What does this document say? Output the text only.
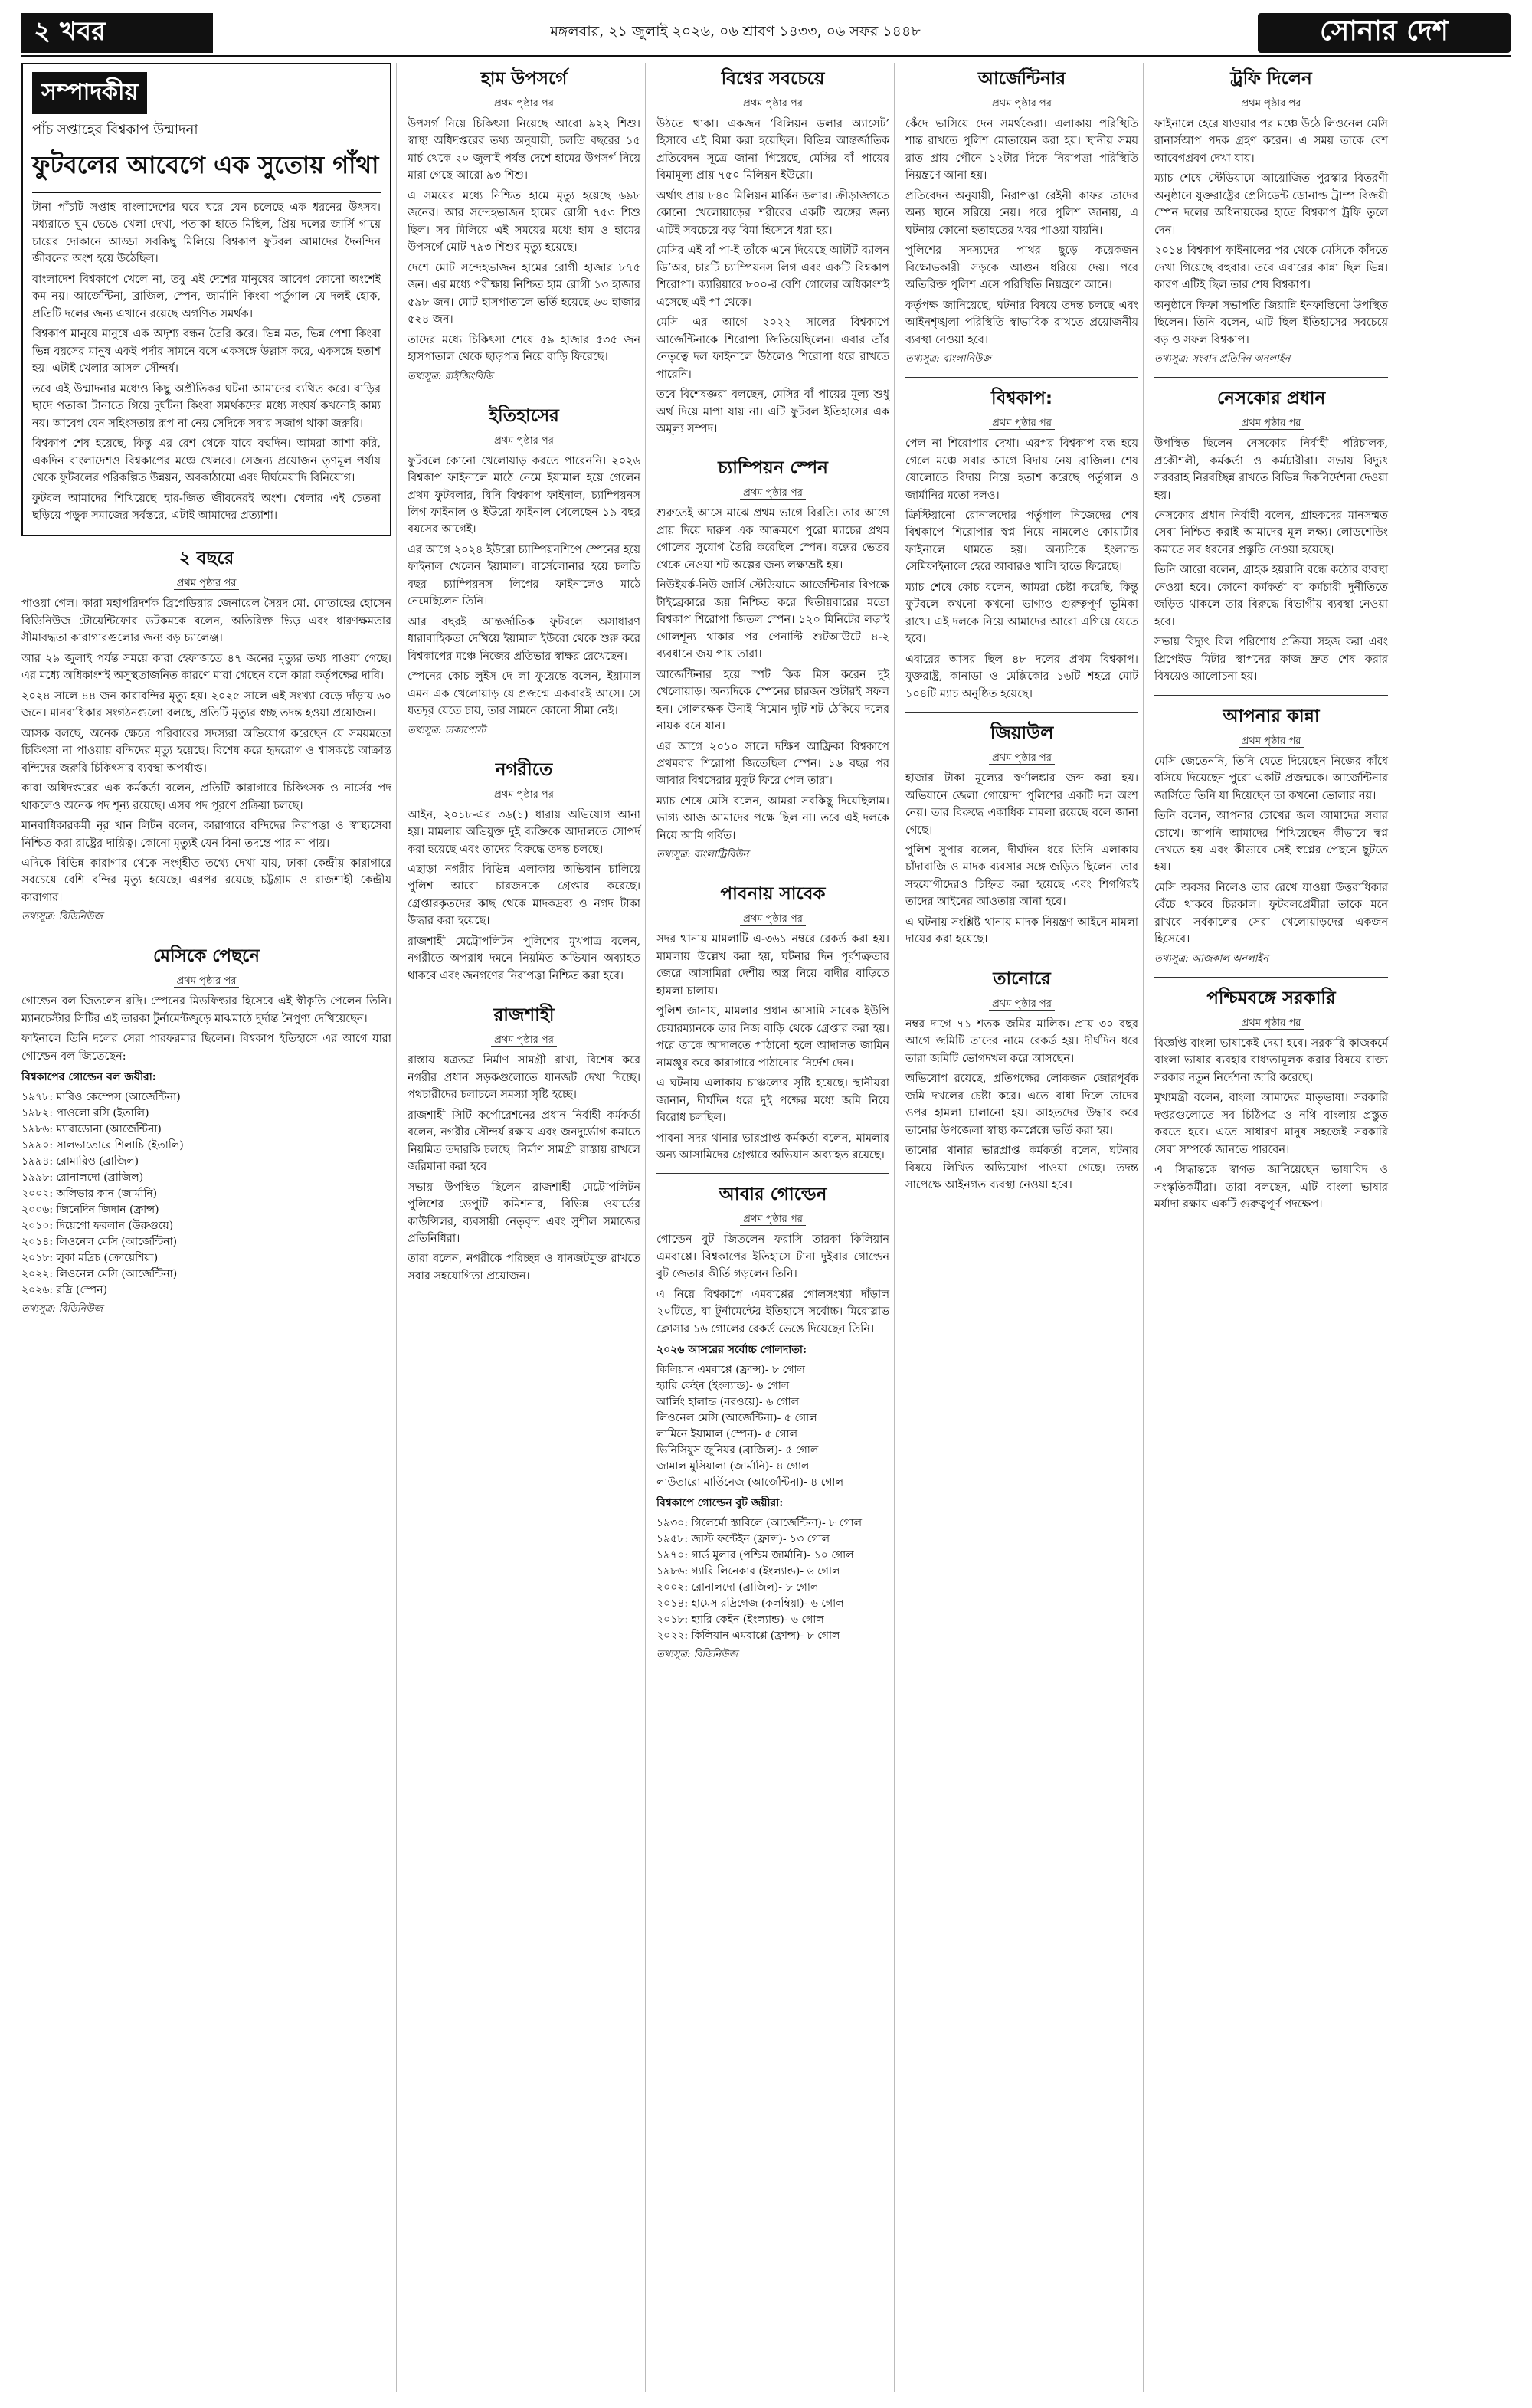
২ খবর	মঙ্গলবার, ২১ জুলাই ২০২৬, ০৬ শ্রাবণ ১৪৩৩, ০৬ সফর ১৪৪৮	সোনার দেশ
সম্পাদকীয়
পাঁচ সপ্তাহের বিশ্বকাপ উন্মাদনা
ফুটবলের আবেগে এক সুতোয় গাঁথা

টানা পাঁচটি সপ্তাহ বাংলাদেশের ঘরে ঘরে যেন চলেছে এক ধরনের উৎসব। মধ্যরাতে ঘুম ভেঙে খেলা দেখা, পতাকা হাতে মিছিল, প্রিয় দলের জার্সি গায়ে চায়ের দোকানে আড্ডা সবকিছু মিলিয়ে বিশ্বকাপ ফুটবল আমাদের দৈনন্দিন জীবনের অংশ হয়ে উঠেছিল।

বাংলাদেশ বিশ্বকাপে খেলে না, তবু এই দেশের মানুষের আবেগ কোনো অংশেই কম নয়। আর্জেন্টিনা, ব্রাজিল, স্পেন, জার্মানি কিংবা পর্তুগাল যে দলই হোক, প্রতিটি দলের জন্য এখানে রয়েছে অগণিত সমর্থক।

বিশ্বকাপ মানুষে মানুষে এক অদৃশ্য বন্ধন তৈরি করে। ভিন্ন মত, ভিন্ন পেশা কিংবা ভিন্ন বয়সের মানুষ একই পর্দার সামনে বসে একসঙ্গে উল্লাস করে, একসঙ্গে হতাশ হয়। এটাই খেলার আসল সৌন্দর্য।

তবে এই উন্মাদনার মধ্যেও কিছু অপ্রীতিকর ঘটনা আমাদের ব্যথিত করে। বাড়ির ছাদে পতাকা টানাতে গিয়ে দুর্ঘটনা কিংবা সমর্থকদের মধ্যে সংঘর্ষ কখনোই কাম্য নয়। আবেগ যেন সহিংসতায় রূপ না নেয় সেদিকে সবার সজাগ থাকা জরুরি।

বিশ্বকাপ শেষ হয়েছে, কিন্তু এর রেশ থেকে যাবে বহুদিন। আমরা আশা করি, একদিন বাংলাদেশও বিশ্বকাপের মঞ্চে খেলবে। সেজন্য প্রয়োজন তৃণমূল পর্যায় থেকে ফুটবলের পরিকল্পিত উন্নয়ন, অবকাঠামো এবং দীর্ঘমেয়াদি বিনিয়োগ।

ফুটবল আমাদের শিখিয়েছে হার-জিত জীবনেরই অংশ। খেলার এই চেতনা ছড়িয়ে পড়ুক সমাজের সর্বস্তরে, এটাই আমাদের প্রত্যাশা।

২ বছরে
প্রথম পৃষ্ঠার পর

পাওয়া গেল। কারা মহাপরিদর্শক ব্রিগেডিয়ার জেনারেল সৈয়দ মো. মোতাহের হোসেন বিডিনিউজ টোয়েন্টিফোর ডটকমকে বলেন, অতিরিক্ত ভিড় এবং ধারণক্ষমতার সীমাবদ্ধতা কারাগারগুলোর জন্য বড় চ্যালেঞ্জ।

আর ২৯ জুলাই পর্যন্ত সময়ে কারা হেফাজতে ৪৭ জনের মৃত্যুর তথ্য পাওয়া গেছে। এর মধ্যে অধিকাংশই অসুস্থতাজনিত কারণে মারা গেছেন বলে কারা কর্তৃপক্ষের দাবি।

২০২৪ সালে ৪৪ জন কারাবন্দির মৃত্যু হয়। ২০২৫ সালে এই সংখ্যা বেড়ে দাঁড়ায় ৬০ জনে। মানবাধিকার সংগঠনগুলো বলছে, প্রতিটি মৃত্যুর স্বচ্ছ তদন্ত হওয়া প্রয়োজন।

আসক বলছে, অনেক ক্ষেত্রে পরিবারের সদস্যরা অভিযোগ করেছেন যে সময়মতো চিকিৎসা না পাওয়ায় বন্দিদের মৃত্যু হয়েছে। বিশেষ করে হৃদরোগ ও শ্বাসকষ্টে আক্রান্ত বন্দিদের জরুরি চিকিৎসার ব্যবস্থা অপর্যাপ্ত।

কারা অধিদপ্তরের এক কর্মকর্তা বলেন, প্রতিটি কারাগারে চিকিৎসক ও নার্সের পদ থাকলেও অনেক পদ শূন্য রয়েছে। এসব পদ পূরণে প্রক্রিয়া চলছে।

মানবাধিকারকর্মী নূর খান লিটন বলেন, কারাগারে বন্দিদের নিরাপত্তা ও স্বাস্থ্যসেবা নিশ্চিত করা রাষ্ট্রের দায়িত্ব। কোনো মৃত্যুই যেন বিনা তদন্তে পার না পায়।

এদিকে বিভিন্ন কারাগার থেকে সংগৃহীত তথ্যে দেখা যায়, ঢাকা কেন্দ্রীয় কারাগারে সবচেয়ে বেশি বন্দির মৃত্যু হয়েছে। এরপর রয়েছে চট্টগ্রাম ও রাজশাহী কেন্দ্রীয় কারাগার।

তথ্যসূত্র: বিডিনিউজ
মেসিকে পেছনে
প্রথম পৃষ্ঠার পর

গোল্ডেন বল জিতলেন রদ্রি। স্পেনের মিডফিল্ডার হিসেবে এই স্বীকৃতি পেলেন তিনি। ম্যানচেস্টার সিটির এই তারকা টুর্নামেন্টজুড়ে মাঝমাঠে দুর্দান্ত নৈপুণ্য দেখিয়েছেন।

ফাইনালে তিনি দলের সেরা পারফরমার ছিলেন। বিশ্বকাপ ইতিহাসে এর আগে যারা গোল্ডেন বল জিতেছেন:

বিশ্বকাপের গোল্ডেন বল জয়ীরা:
১৯৭৮: মারিও কেম্পেস (আর্জেন্টিনা)
১৯৮২: পাওলো রসি (ইতালি)
১৯৮৬: ম্যারাডোনা (আর্জেন্টিনা)
১৯৯০: সালভাতোরে শিলাচি (ইতালি)
১৯৯৪: রোমারিও (ব্রাজিল)
১৯৯৮: রোনালদো (ব্রাজিল)
২০০২: অলিভার কান (জার্মানি)
২০০৬: জিনেদিন জিদান (ফ্রান্স)
২০১০: দিয়েগো ফরলান (উরুগুয়ে)
২০১৪: লিওনেল মেসি (আর্জেন্টিনা)
২০১৮: লুকা মদ্রিচ (ক্রোয়েশিয়া)
২০২২: লিওনেল মেসি (আর্জেন্টিনা)
২০২৬: রদ্রি (স্পেন)
তথ্যসূত্র: বিডিনিউজ
হাম উপসর্গে
প্রথম পৃষ্ঠার পর

উপসর্গ নিয়ে চিকিৎসা নিয়েছে আরো ৯২২ শিশু। স্বাস্থ্য অধিদপ্তরের তথ্য অনুযায়ী, চলতি বছরের ১৫ মার্চ থেকে ২০ জুলাই পর্যন্ত দেশে হামের উপসর্গ নিয়ে মারা গেছে আরো ৯৩ শিশু।

এ সময়ের মধ্যে নিশ্চিত হামে মৃত্যু হয়েছে ৬৯৮ জনের। আর সন্দেহভাজন হামের রোগী ৭৫৩ শিশু ছিল। সব মিলিয়ে এই সময়ের মধ্যে হাম ও হামের উপসর্গে মোট ৭৯৩ শিশুর মৃত্যু হয়েছে।

দেশে মোট সন্দেহভাজন হামের রোগী হাজার ৮৭৫ জন। এর মধ্যে পরীক্ষায় নিশ্চিত হাম রোগী ১৩ হাজার ৫৯৮ জন। মোট হাসপাতালে ভর্তি হয়েছে ৬৩ হাজার ৫২৪ জন।

তাদের মধ্যে চিকিৎসা শেষে ৫৯ হাজার ৫৩৫ জন হাসপাতাল থেকে ছাড়পত্র নিয়ে বাড়ি ফিরেছে।

তথ্যসূত্র: রাইজিংবিডি
ইতিহাসের
প্রথম পৃষ্ঠার পর

ফুটবলে কোনো খেলোয়াড় করতে পারেননি। ২০২৬ বিশ্বকাপ ফাইনালে মাঠে নেমে ইয়ামাল হয়ে গেলেন প্রথম ফুটবলার, যিনি বিশ্বকাপ ফাইনাল, চ্যাম্পিয়নস লিগ ফাইনাল ও ইউরো ফাইনাল খেলেছেন ১৯ বছর বয়সের আগেই।

এর আগে ২০২৪ ইউরো চ্যাম্পিয়নশিপে স্পেনের হয়ে ফাইনাল খেলেন ইয়ামাল। বার্সেলোনার হয়ে চলতি বছর চ্যাম্পিয়নস লিগের ফাইনালেও মাঠে নেমেছিলেন তিনি।

আর বছরই আন্তর্জাতিক ফুটবলে অসাধারণ ধারাবাহিকতা দেখিয়ে ইয়ামাল ইউরো থেকে শুরু করে বিশ্বকাপের মঞ্চে নিজের প্রতিভার স্বাক্ষর রেখেছেন।

স্পেনের কোচ লুইস দে লা ফুয়েন্তে বলেন, ইয়ামাল এমন এক খেলোয়াড় যে প্রজন্মে একবারই আসে। সে যতদূর যেতে চায়, তার সামনে কোনো সীমা নেই।

তথ্যসূত্র: ঢাকাপোস্ট
নগরীতে
প্রথম পৃষ্ঠার পর

আইন, ২০১৮-এর ৩৬(১) ধারায় অভিযোগ আনা হয়। মামলায় অভিযুক্ত দুই ব্যক্তিকে আদালতে সোপর্দ করা হয়েছে এবং তাদের বিরুদ্ধে তদন্ত চলছে।

এছাড়া নগরীর বিভিন্ন এলাকায় অভিযান চালিয়ে পুলিশ আরো চারজনকে গ্রেপ্তার করেছে। গ্রেপ্তারকৃতদের কাছ থেকে মাদকদ্রব্য ও নগদ টাকা উদ্ধার করা হয়েছে।

রাজশাহী মেট্রোপলিটন পুলিশের মুখপাত্র বলেন, নগরীতে অপরাধ দমনে নিয়মিত অভিযান অব্যাহত থাকবে এবং জনগণের নিরাপত্তা নিশ্চিত করা হবে।

রাজশাহী
প্রথম পৃষ্ঠার পর

রাস্তায় যত্রতত্র নির্মাণ সামগ্রী রাখা, বিশেষ করে নগরীর প্রধান সড়কগুলোতে যানজট দেখা দিচ্ছে। পথচারীদের চলাচলে সমস্যা সৃষ্টি হচ্ছে।

রাজশাহী সিটি কর্পোরেশনের প্রধান নির্বাহী কর্মকর্তা বলেন, নগরীর সৌন্দর্য রক্ষায় এবং জনদুর্ভোগ কমাতে নিয়মিত তদারকি চলছে। নির্মাণ সামগ্রী রাস্তায় রাখলে জরিমানা করা হবে।

সভায় উপস্থিত ছিলেন রাজশাহী মেট্রোপলিটন পুলিশের ডেপুটি কমিশনার, বিভিন্ন ওয়ার্ডের কাউন্সিলর, ব্যবসায়ী নেতৃবৃন্দ এবং সুশীল সমাজের প্রতিনিধিরা।

তারা বলেন, নগরীকে পরিচ্ছন্ন ও যানজটমুক্ত রাখতে সবার সহযোগিতা প্রয়োজন।

বিশ্বের সবচেয়ে
প্রথম পৃষ্ঠার পর

উঠতে থাকা। একজন ‘বিলিয়ন ডলার অ্যাসেট’ হিসাবে এই বিমা করা হয়েছিল। বিভিন্ন আন্তর্জাতিক প্রতিবেদন সূত্রে জানা গিয়েছে, মেসির বাঁ পায়ের বিমামূল্য প্রায় ৭৫০ মিলিয়ন ইউরো।

অর্থাৎ প্রায় ৮৪০ মিলিয়ন মার্কিন ডলার। ক্রীড়াজগতে কোনো খেলোয়াড়ের শরীরের একটি অঙ্গের জন্য এটিই সবচেয়ে বড় বিমা হিসেবে ধরা হয়।

মেসির এই বাঁ পা-ই তাঁকে এনে দিয়েছে আটটি ব্যালন ডি’অর, চারটি চ্যাম্পিয়নস লিগ এবং একটি বিশ্বকাপ শিরোপা। ক্যারিয়ারে ৮০০-র বেশি গোলের অধিকাংশই এসেছে এই পা থেকে।

মেসি এর আগে ২০২২ সালের বিশ্বকাপে আর্জেন্টিনাকে শিরোপা জিতিয়েছিলেন। এবার তাঁর নেতৃত্বে দল ফাইনালে উঠলেও শিরোপা ধরে রাখতে পারেনি।

তবে বিশেষজ্ঞরা বলছেন, মেসির বাঁ পায়ের মূল্য শুধু অর্থ দিয়ে মাপা যায় না। এটি ফুটবল ইতিহাসের এক অমূল্য সম্পদ।

চ্যাম্পিয়ন স্পেন
প্রথম পৃষ্ঠার পর

শুরুতেই আসে মাঝে প্রথম ভাগে বিরতি। তার আগে প্রায় দিয়ে দারুণ এক আক্রমণে পুরো ম্যাচের প্রথম গোলের সুযোগ তৈরি করেছিল স্পেন। বক্সের ভেতর থেকে নেওয়া শট অল্পের জন্য লক্ষ্যভ্রষ্ট হয়।

নিউইয়র্ক-নিউ জার্সি স্টেডিয়ামে আর্জেন্টিনার বিপক্ষে টাইব্রেকারে জয় নিশ্চিত করে দ্বিতীয়বারের মতো বিশ্বকাপ শিরোপা জিতল স্পেন। ১২০ মিনিটের লড়াই গোলশূন্য থাকার পর পেনাল্টি শুটআউটে ৪-২ ব্যবধানে জয় পায় তারা।

আর্জেন্টিনার হয়ে স্পট কিক মিস করেন দুই খেলোয়াড়। অন্যদিকে স্পেনের চারজন শুটারই সফল হন। গোলরক্ষক উনাই সিমোন দুটি শট ঠেকিয়ে দলের নায়ক বনে যান।

এর আগে ২০১০ সালে দক্ষিণ আফ্রিকা বিশ্বকাপে প্রথমবার শিরোপা জিতেছিল স্পেন। ১৬ বছর পর আবার বিশ্বসেরার মুকুট ফিরে পেল তারা।

ম্যাচ শেষে মেসি বলেন, আমরা সবকিছু দিয়েছিলাম। ভাগ্য আজ আমাদের পক্ষে ছিল না। তবে এই দলকে নিয়ে আমি গর্বিত।

তথ্যসূত্র: বাংলাট্রিবিউন
পাবনায় সাবেক
প্রথম পৃষ্ঠার পর

সদর থানায় মামলাটি এ-৩৬১ নম্বরে রেকর্ড করা হয়। মামলায় উল্লেখ করা হয়, ঘটনার দিন পূর্বশত্রুতার জেরে আসামিরা দেশীয় অস্ত্র নিয়ে বাদীর বাড়িতে হামলা চালায়।

পুলিশ জানায়, মামলার প্রধান আসামি সাবেক ইউপি চেয়ারম্যানকে তার নিজ বাড়ি থেকে গ্রেপ্তার করা হয়। পরে তাকে আদালতে পাঠানো হলে আদালত জামিন নামঞ্জুর করে কারাগারে পাঠানোর নির্দেশ দেন।

এ ঘটনায় এলাকায় চাঞ্চল্যের সৃষ্টি হয়েছে। স্থানীয়রা জানান, দীর্ঘদিন ধরে দুই পক্ষের মধ্যে জমি নিয়ে বিরোধ চলছিল।

পাবনা সদর থানার ভারপ্রাপ্ত কর্মকর্তা বলেন, মামলার অন্য আসামিদের গ্রেপ্তারে অভিযান অব্যাহত রয়েছে।

আবার গোল্ডেন
প্রথম পৃষ্ঠার পর

গোল্ডেন বুট জিতলেন ফরাসি তারকা কিলিয়ান এমবাপ্পে। বিশ্বকাপের ইতিহাসে টানা দুইবার গোল্ডেন বুট জেতার কীর্তি গড়লেন তিনি।

এ নিয়ে বিশ্বকাপে এমবাপ্পের গোলসংখ্যা দাঁড়াল ২০টিতে, যা টুর্নামেন্টের ইতিহাসে সর্বোচ্চ। মিরোস্লাভ ক্লোসার ১৬ গোলের রেকর্ড ভেঙে দিয়েছেন তিনি।

২০২৬ আসরের সর্বোচ্চ গোলদাতা:
কিলিয়ান এমবাপ্পে (ফ্রান্স)- ৮ গোল
হ্যারি কেইন (ইংল্যান্ড)- ৬ গোল
আর্লিং হালান্ড (নরওয়ে)- ৬ গোল
লিওনেল মেসি (আর্জেন্টিনা)- ৫ গোল
লামিনে ইয়ামাল (স্পেন)- ৫ গোল
ভিনিসিয়ুস জুনিয়র (ব্রাজিল)- ৫ গোল
জামাল মুসিয়ালা (জার্মানি)- ৪ গোল
লাউতারো মার্তিনেজ (আর্জেন্টিনা)- ৪ গোল
বিশ্বকাপে গোল্ডেন বুট জয়ীরা:
১৯৩০: গিলের্মো স্তাবিলে (আর্জেন্টিনা)- ৮ গোল
১৯৫৮: জাস্ট ফন্টেইন (ফ্রান্স)- ১৩ গোল
১৯৭০: গার্ড মুলার (পশ্চিম জার্মানি)- ১০ গোল
১৯৮৬: গ্যারি লিনেকার (ইংল্যান্ড)- ৬ গোল
২০০২: রোনালদো (ব্রাজিল)- ৮ গোল
২০১৪: হামেস রদ্রিগেজ (কলম্বিয়া)- ৬ গোল
২০১৮: হ্যারি কেইন (ইংল্যান্ড)- ৬ গোল
২০২২: কিলিয়ান এমবাপ্পে (ফ্রান্স)- ৮ গোল
তথ্যসূত্র: বিডিনিউজ
আর্জেন্টিনার
প্রথম পৃষ্ঠার পর

কেঁদে ভাসিয়ে দেন সমর্থকেরা। এলাকায় পরিস্থিতি শান্ত রাখতে পুলিশ মোতায়েন করা হয়। স্থানীয় সময় রাত প্রায় পৌনে ১২টার দিকে নিরাপত্তা পরিস্থিতি নিয়ন্ত্রণে আনা হয়।

প্রতিবেদন অনুযায়ী, নিরাপত্তা রেইনী কাফর তাদের অন্য স্থানে সরিয়ে নেয়। পরে পুলিশ জানায়, এ ঘটনায় কোনো হতাহতের খবর পাওয়া যায়নি।

পুলিশের সদস্যদের পাথর ছুড়ে কয়েকজন বিক্ষোভকারী সড়কে আগুন ধরিয়ে দেয়। পরে অতিরিক্ত পুলিশ এসে পরিস্থিতি নিয়ন্ত্রণে আনে।

কর্তৃপক্ষ জানিয়েছে, ঘটনার বিষয়ে তদন্ত চলছে এবং আইনশৃঙ্খলা পরিস্থিতি স্বাভাবিক রাখতে প্রয়োজনীয় ব্যবস্থা নেওয়া হবে।

তথ্যসূত্র: বাংলানিউজ
বিশ্বকাপ:
প্রথম পৃষ্ঠার পর

পেল না শিরোপার দেখা। এরপর বিশ্বকাপ বন্ধ হয়ে গেলে মঞ্চে সবার আগে বিদায় নেয় ব্রাজিল। শেষ ষোলোতে বিদায় নিয়ে হতাশ করেছে পর্তুগাল ও জার্মানির মতো দলও।

ক্রিস্টিয়ানো রোনালদোর পর্তুগাল নিজেদের শেষ বিশ্বকাপে শিরোপার স্বপ্ন নিয়ে নামলেও কোয়ার্টার ফাইনালে থামতে হয়। অন্যদিকে ইংল্যান্ড সেমিফাইনালে হেরে আবারও খালি হাতে ফিরেছে।

ম্যাচ শেষে কোচ বলেন, আমরা চেষ্টা করেছি, কিন্তু ফুটবলে কখনো কখনো ভাগ্যও গুরুত্বপূর্ণ ভূমিকা রাখে। এই দলকে নিয়ে আমাদের আরো এগিয়ে যেতে হবে।

এবারের আসর ছিল ৪৮ দলের প্রথম বিশ্বকাপ। যুক্তরাষ্ট্র, কানাডা ও মেক্সিকোর ১৬টি শহরে মোট ১০৪টি ম্যাচ অনুষ্ঠিত হয়েছে।

জিয়াউল
প্রথম পৃষ্ঠার পর

হাজার টাকা মূল্যের স্বর্ণালঙ্কার জব্দ করা হয়। অভিযানে জেলা গোয়েন্দা পুলিশের একটি দল অংশ নেয়। তার বিরুদ্ধে একাধিক মামলা রয়েছে বলে জানা গেছে।

পুলিশ সুপার বলেন, দীর্ঘদিন ধরে তিনি এলাকায় চাঁদাবাজি ও মাদক ব্যবসার সঙ্গে জড়িত ছিলেন। তার সহযোগীদেরও চিহ্নিত করা হয়েছে এবং শিগগিরই তাদের আইনের আওতায় আনা হবে।

এ ঘটনায় সংশ্লিষ্ট থানায় মাদক নিয়ন্ত্রণ আইনে মামলা দায়ের করা হয়েছে।

তানোরে
প্রথম পৃষ্ঠার পর

নম্বর দাগে ৭১ শতক জমির মালিক। প্রায় ৩০ বছর আগে জমিটি তাদের নামে রেকর্ড হয়। দীর্ঘদিন ধরে তারা জমিটি ভোগদখল করে আসছেন।

অভিযোগ রয়েছে, প্রতিপক্ষের লোকজন জোরপূর্বক জমি দখলের চেষ্টা করে। এতে বাধা দিলে তাদের ওপর হামলা চালানো হয়। আহতদের উদ্ধার করে তানোর উপজেলা স্বাস্থ্য কমপ্লেক্সে ভর্তি করা হয়।

তানোর থানার ভারপ্রাপ্ত কর্মকর্তা বলেন, ঘটনার বিষয়ে লিখিত অভিযোগ পাওয়া গেছে। তদন্ত সাপেক্ষে আইনগত ব্যবস্থা নেওয়া হবে।

ট্রফি দিলেন
প্রথম পৃষ্ঠার পর

ফাইনালে হেরে যাওয়ার পর মঞ্চে উঠে লিওনেল মেসি রানার্সআপ পদক গ্রহণ করেন। এ সময় তাকে বেশ আবেগপ্রবণ দেখা যায়।

ম্যাচ শেষে স্টেডিয়ামে আয়োজিত পুরস্কার বিতরণী অনুষ্ঠানে যুক্তরাষ্ট্রের প্রেসিডেন্ট ডোনাল্ড ট্রাম্প বিজয়ী স্পেন দলের অধিনায়কের হাতে বিশ্বকাপ ট্রফি তুলে দেন।

২০১৪ বিশ্বকাপ ফাইনালের পর থেকে মেসিকে কাঁদতে দেখা গিয়েছে বহুবার। তবে এবারের কান্না ছিল ভিন্ন। কারণ এটিই ছিল তার শেষ বিশ্বকাপ।

অনুষ্ঠানে ফিফা সভাপতি জিয়ান্নি ইনফান্তিনো উপস্থিত ছিলেন। তিনি বলেন, এটি ছিল ইতিহাসের সবচেয়ে বড় ও সফল বিশ্বকাপ।

তথ্যসূত্র: সংবাদ প্রতিদিন অনলাইন
নেসকোর প্রধান
প্রথম পৃষ্ঠার পর

উপস্থিত ছিলেন নেসকোর নির্বাহী পরিচালক, প্রকৌশলী, কর্মকর্তা ও কর্মচারীরা। সভায় বিদ্যুৎ সরবরাহ নিরবচ্ছিন্ন রাখতে বিভিন্ন দিকনির্দেশনা দেওয়া হয়।

নেসকোর প্রধান নির্বাহী বলেন, গ্রাহকদের মানসম্মত সেবা নিশ্চিত করাই আমাদের মূল লক্ষ্য। লোডশেডিং কমাতে সব ধরনের প্রস্তুতি নেওয়া হয়েছে।

তিনি আরো বলেন, গ্রাহক হয়রানি বন্ধে কঠোর ব্যবস্থা নেওয়া হবে। কোনো কর্মকর্তা বা কর্মচারী দুর্নীতিতে জড়িত থাকলে তার বিরুদ্ধে বিভাগীয় ব্যবস্থা নেওয়া হবে।

সভায় বিদ্যুৎ বিল পরিশোধ প্রক্রিয়া সহজ করা এবং প্রিপেইড মিটার স্থাপনের কাজ দ্রুত শেষ করার বিষয়েও আলোচনা হয়।

আপনার কান্না
প্রথম পৃষ্ঠার পর

মেসি জেতেননি, তিনি যেতে দিয়েছেন নিজের কাঁধে বসিয়ে দিয়েছেন পুরো একটি প্রজন্মকে। আর্জেন্টিনার জার্সিতে তিনি যা দিয়েছেন তা কখনো ভোলার নয়।

তিনি বলেন, আপনার চোখের জল আমাদের সবার চোখে। আপনি আমাদের শিখিয়েছেন কীভাবে স্বপ্ন দেখতে হয় এবং কীভাবে সেই স্বপ্নের পেছনে ছুটতে হয়।

মেসি অবসর নিলেও তার রেখে যাওয়া উত্তরাধিকার বেঁচে থাকবে চিরকাল। ফুটবলপ্রেমীরা তাকে মনে রাখবে সর্বকালের সেরা খেলোয়াড়দের একজন হিসেবে।

তথ্যসূত্র: আজকাল অনলাইন
পশ্চিমবঙ্গে সরকারি
প্রথম পৃষ্ঠার পর

বিজ্ঞপ্তি বাংলা ভাষাকেই দেয়া হবে। সরকারি কাজকর্মে বাংলা ভাষার ব্যবহার বাধ্যতামূলক করার বিষয়ে রাজ্য সরকার নতুন নির্দেশনা জারি করেছে।

মুখ্যমন্ত্রী বলেন, বাংলা আমাদের মাতৃভাষা। সরকারি দপ্তরগুলোতে সব চিঠিপত্র ও নথি বাংলায় প্রস্তুত করতে হবে। এতে সাধারণ মানুষ সহজেই সরকারি সেবা সম্পর্কে জানতে পারবেন।

এ সিদ্ধান্তকে স্বাগত জানিয়েছেন ভাষাবিদ ও সংস্কৃতিকর্মীরা। তারা বলছেন, এটি বাংলা ভাষার মর্যাদা রক্ষায় একটি গুরুত্বপূর্ণ পদক্ষেপ।
